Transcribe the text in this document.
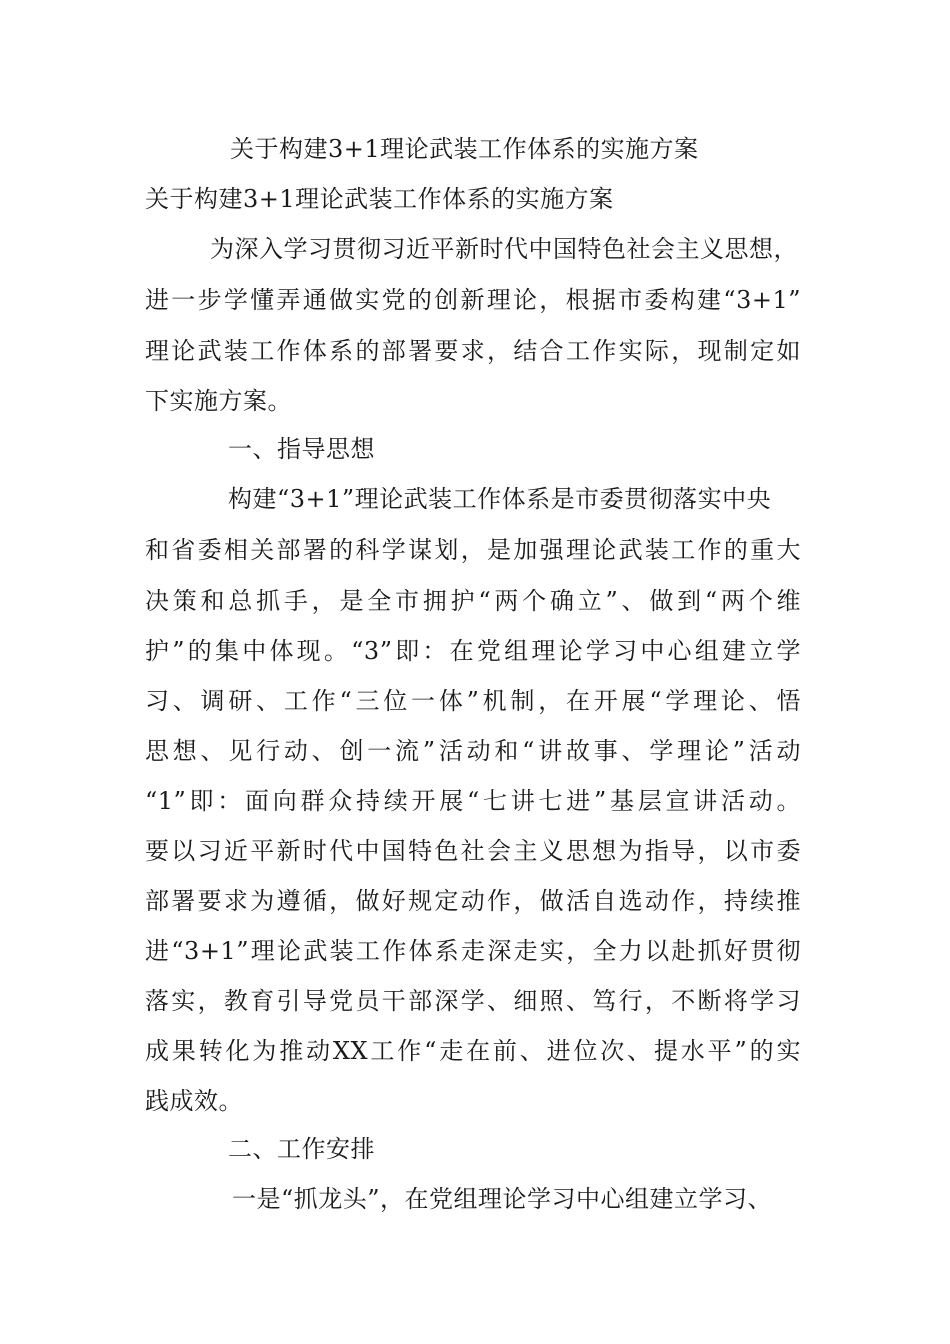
关于构建3+1理论武装工作体系的实施方案
关于构建3+1理论武装工作体系的实施方案
为深入学习贯彻习近平新时代中国特色社会主义思想，
进一步学懂弄通做实党的创新理论，根据市委构建“3+1”
理论武装工作体系的部署要求，结合工作实际，现制定如
下实施方案。
一、指导思想
构建“3+1”理论武装工作体系是市委贯彻落实中央
和省委相关部署的科学谋划，是加强理论武装工作的重大
决策和总抓手，是全市拥护“两个确立”、做到“两个维
护”的集中体现。“3”即：在党组理论学习中心组建立学
习、调研、工作“三位一体”机制，在开展“学理论、悟
思想、见行动、创一流”活动和“讲故事、学理论”活动
“1”即：面向群众持续开展“七讲七进”基层宣讲活动。
要以习近平新时代中国特色社会主义思想为指导，以市委
部署要求为遵循，做好规定动作，做活自选动作，持续推
进“3+1”理论武装工作体系走深走实，全力以赴抓好贯彻
落实，教育引导党员干部深学、细照、笃行，不断将学习
成果转化为推动XX工作“走在前、进位次、提水平”的实
践成效。
二、工作安排
一是“抓龙头”，在党组理论学习中心组建立学习、
